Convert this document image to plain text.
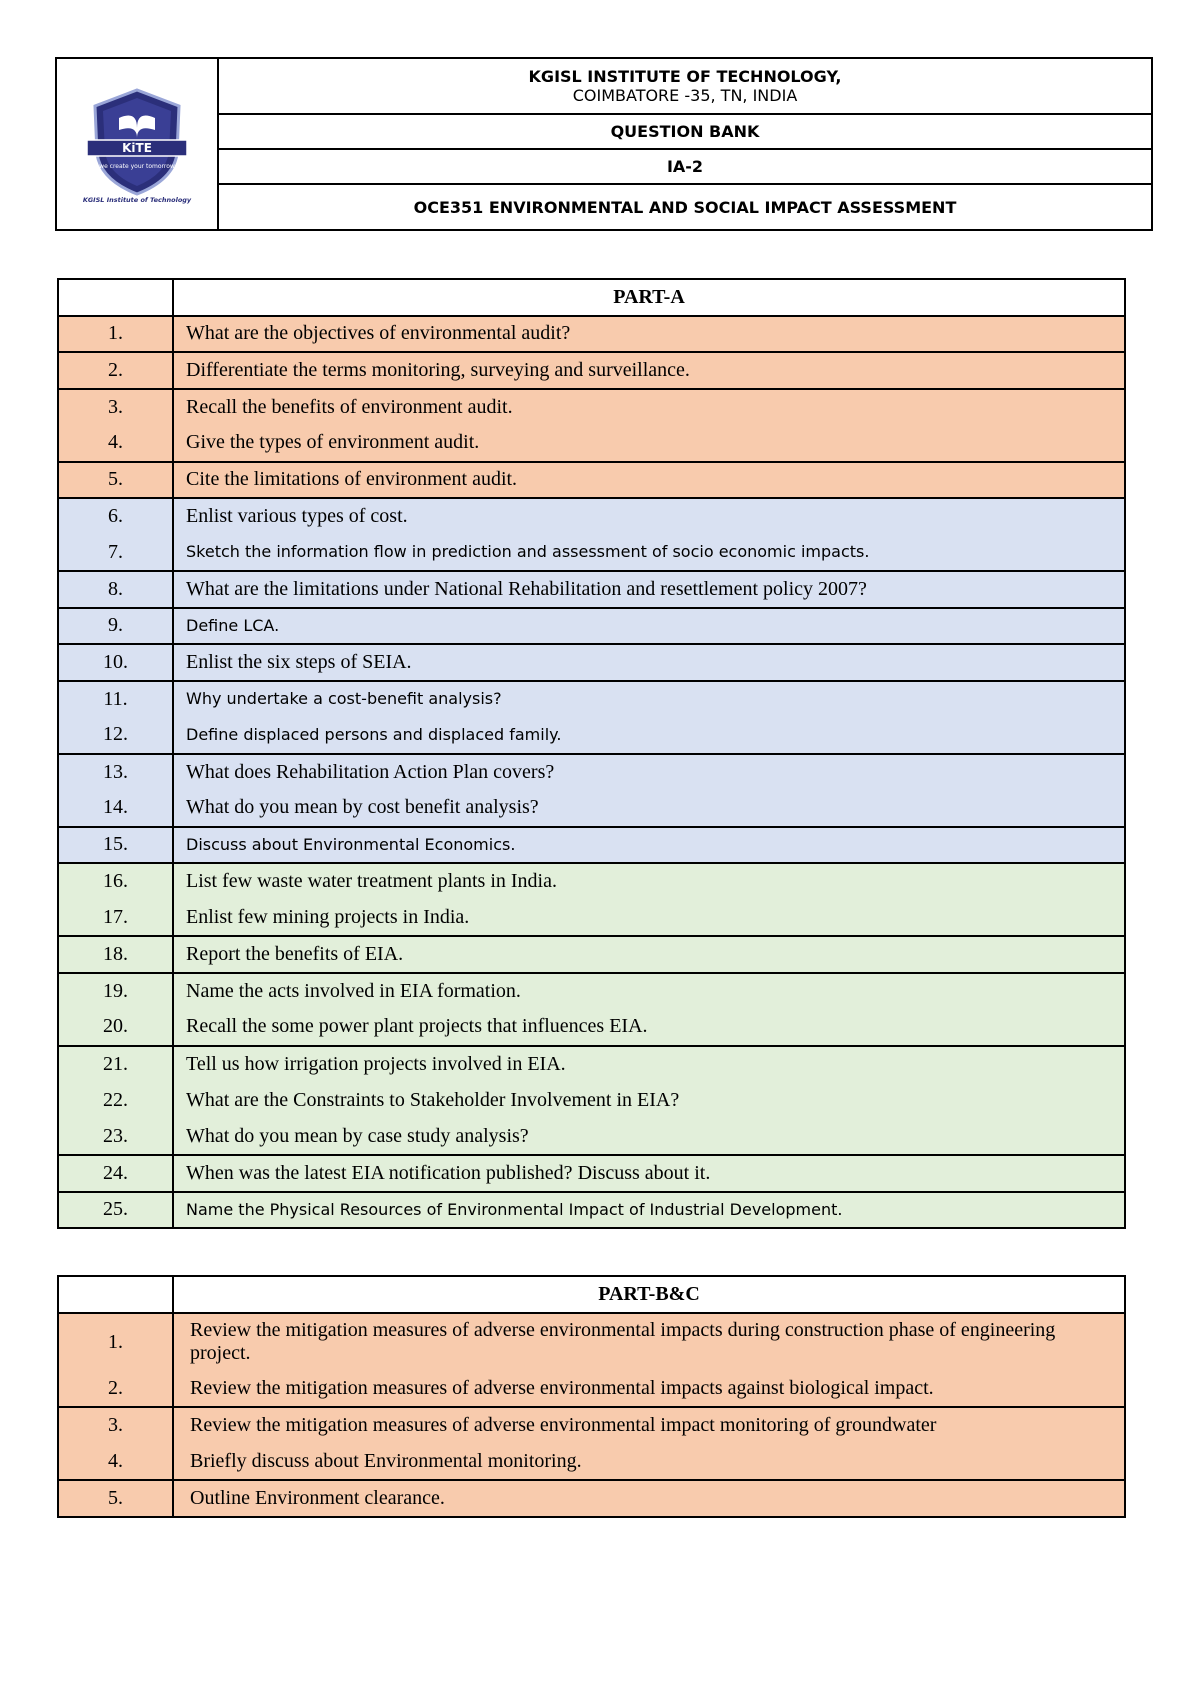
KiTE
we create your tomorrow
KGISL Institute of Technology
KGISL INSTITUTE OF TECHNOLOGY,
COIMBATORE -35, TN, INDIA
QUESTION BANK
IA-2
OCE351 ENVIRONMENTAL AND SOCIAL IMPACT ASSESSMENT
	PART-A
1.	What are the objectives of environmental audit?
2.	Differentiate the terms monitoring, surveying and surveillance.
3.	Recall the benefits of environment audit.
4.	Give the types of environment audit.
5.	Cite the limitations of environment audit.
6.	Enlist various types of cost.
7.	Sketch the information flow in prediction and assessment of socio economic impacts.
8.	What are the limitations under National Rehabilitation and resettlement policy 2007?
9.	Define LCA.
10.	Enlist the six steps of SEIA.
11.	Why undertake a cost-benefit analysis?
12.	Define displaced persons and displaced family.
13.	What does Rehabilitation Action Plan covers?
14.	What do you mean by cost benefit analysis?
15.	Discuss about Environmental Economics.
16.	List few waste water treatment plants in India.
17.	Enlist few mining projects in India.
18.	Report the benefits of EIA.
19.	Name the acts involved in EIA formation.
20.	Recall the some power plant projects that influences EIA.
21.	Tell us how irrigation projects involved in EIA.
22.	What are the Constraints to Stakeholder Involvement in EIA?
23.	What do you mean by case study analysis?
24.	When was the latest EIA notification published? Discuss about it.
25.	Name the Physical Resources of Environmental Impact of Industrial Development.
	PART-B&C
1.	Review the mitigation measures of adverse environmental impacts during construction phase of engineering project.
2.	Review the mitigation measures of adverse environmental impacts against biological impact.
3.	Review the mitigation measures of adverse environmental impact monitoring of groundwater
4.	Briefly discuss about Environmental monitoring.
5.	Outline Environment clearance.
